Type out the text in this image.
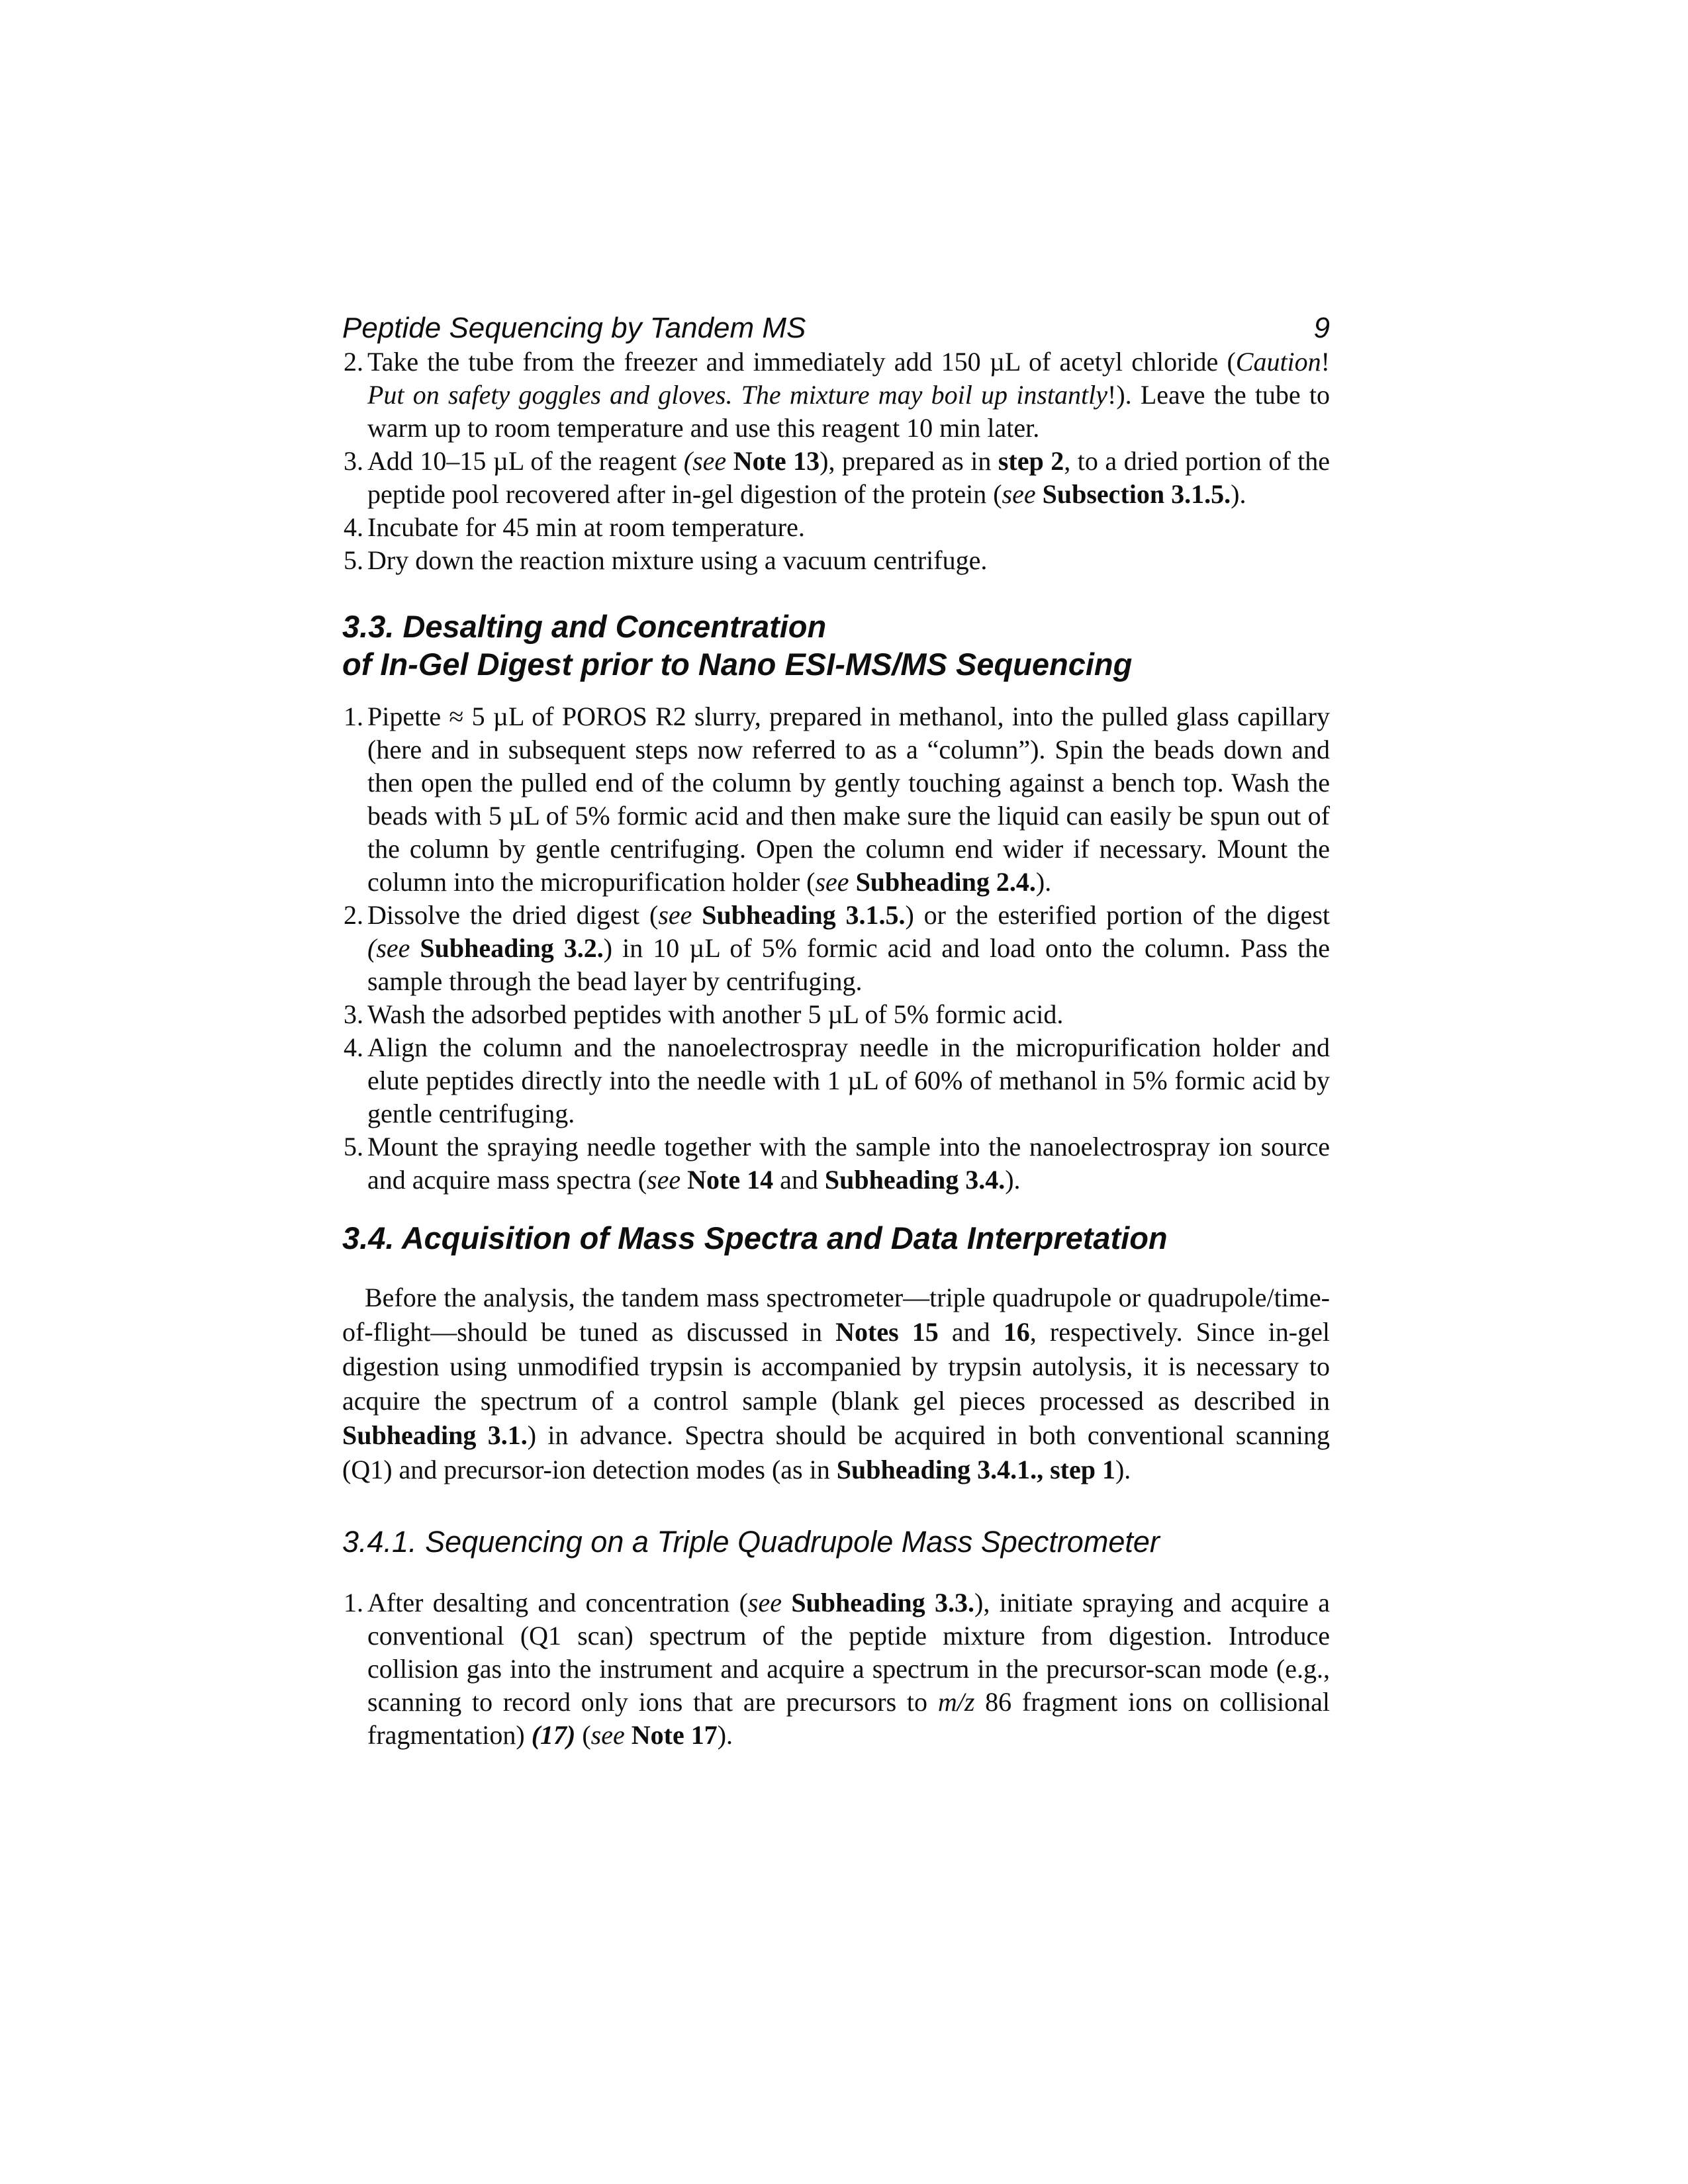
Peptide Sequencing by Tandem MS	9
2. Take the tube from the freezer and immediately add 150 µL of acetyl chloride (Caution! Put on safety goggles and gloves. The mixture may boil up instantly!). Leave the tube to warm up to room temperature and use this reagent 10 min later.
3. Add 10–15 µL of the reagent (see Note 13), prepared as in step 2, to a dried portion of the peptide pool recovered after in-gel digestion of the protein (see Subsection 3.1.5.).
4. Incubate for 45 min at room temperature.
5. Dry down the reaction mixture using a vacuum centrifuge.
3.3. Desalting and Concentration
of In-Gel Digest prior to Nano ESI-MS/MS Sequencing
1. Pipette ≈ 5 µL of POROS R2 slurry, prepared in methanol, into the pulled glass capillary (here and in subsequent steps now referred to as a “column”). Spin the beads down and then open the pulled end of the column by gently touching against a bench top. Wash the beads with 5 µL of 5% formic acid and then make sure the liquid can easily be spun out of the column by gentle centrifuging. Open the column end wider if necessary. Mount the column into the micropurification holder (see Subheading 2.4.).
2. Dissolve the dried digest (see Subheading 3.1.5.) or the esterified portion of the digest (see Subheading 3.2.) in 10 µL of 5% formic acid and load onto the column. Pass the sample through the bead layer by centrifuging.
3. Wash the adsorbed peptides with another 5 µL of 5% formic acid.
4. Align the column and the nanoelectrospray needle in the micropurification holder and elute peptides directly into the needle with 1 µL of 60% of methanol in 5% formic acid by gentle centrifuging.
5. Mount the spraying needle together with the sample into the nanoelectrospray ion source and acquire mass spectra (see Note 14 and Subheading 3.4.).
3.4. Acquisition of Mass Spectra and Data Interpretation

Before the analysis, the tandem mass spectrometer—triple quadrupole or quadrupole/time-of-flight—should be tuned as discussed in Notes 15 and 16, respectively. Since in-gel digestion using unmodified trypsin is accompanied by trypsin autolysis, it is necessary to acquire the spectrum of a control sample (blank gel pieces processed as described in Subheading 3.1.) in advance. Spectra should be acquired in both conventional scanning (Q1) and precursor-ion detection modes (as in Subheading 3.4.1., step 1).

3.4.1. Sequencing on a Triple Quadrupole Mass Spectrometer
1. After desalting and concentration (see Subheading 3.3.), initiate spraying and acquire a conventional (Q1 scan) spectrum of the peptide mixture from digestion. Introduce collision gas into the instrument and acquire a spectrum in the precursor-scan mode (e.g., scanning to record only ions that are precursors to m/z 86 fragment ions on collisional fragmentation) (17) (see Note 17).
